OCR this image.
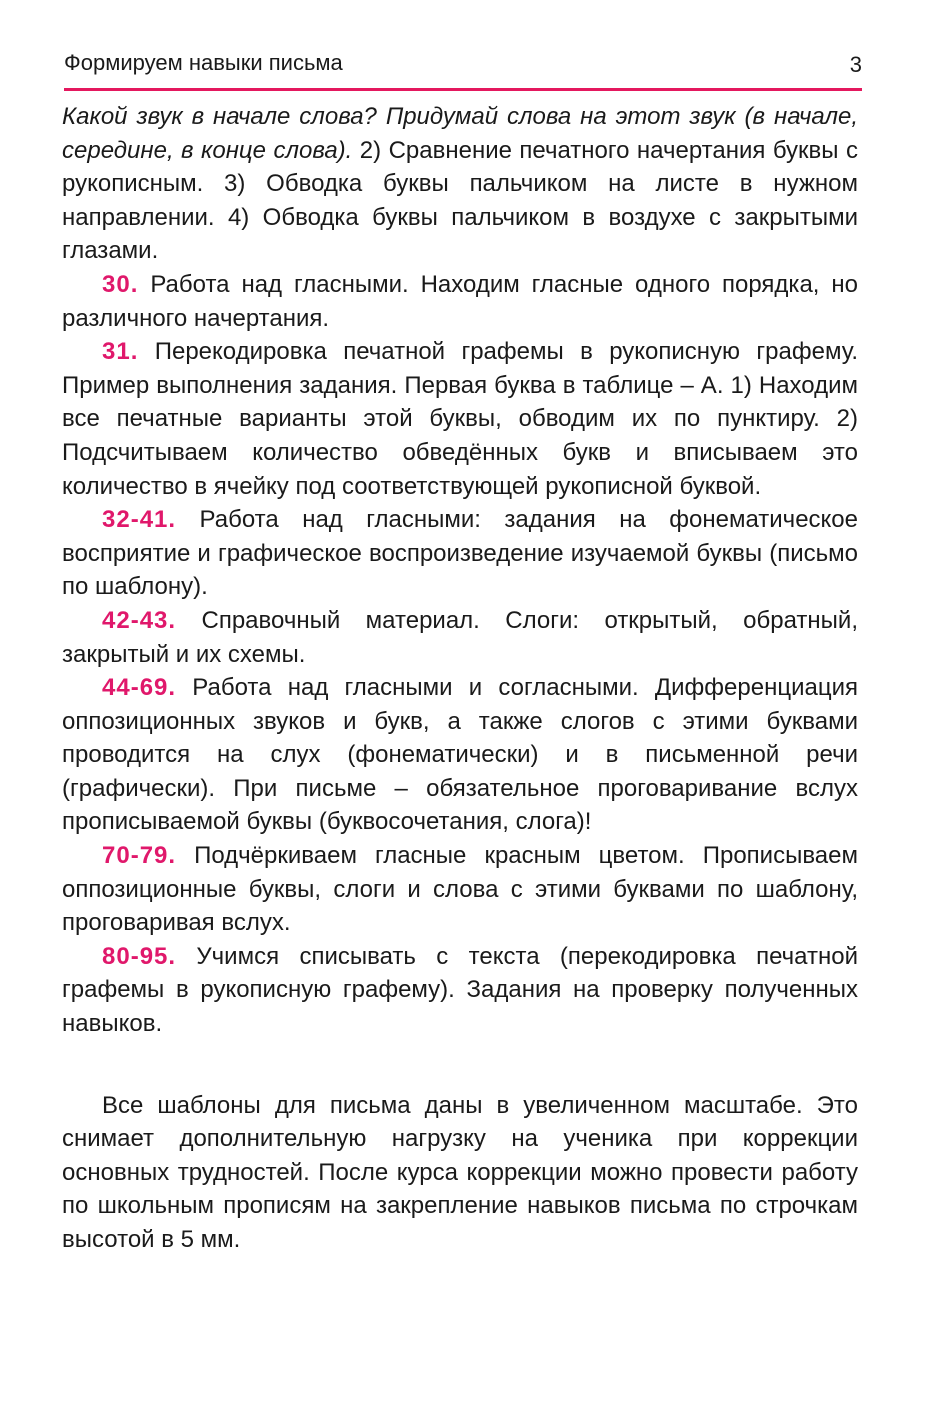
Формируем навыки письма	3

Какой звук в начале слова? Придумай слова на этот звук (в начале, середине, в конце слова). 2) Сравнение печатного начертания буквы с рукописным. 3) Обводка буквы пальчиком на листе в нужном направлении. 4) Обводка буквы пальчиком в воздухе с закрытыми глазами.

30. Работа над гласными. Находим гласные одного порядка, но различного начертания.

31. Перекодировка печатной графемы в рукописную графему. Пример выполнения задания. Первая буква в таблице – А. 1) Находим все печатные варианты этой буквы, обводим их по пунктиру. 2) Подсчитываем количество обведённых букв и вписываем это количество в ячейку под соответствующей рукописной буквой.

32-41. Работа над гласными: задания на фонематическое восприятие и графическое воспроизведение изучаемой буквы (письмо по шаблону).

42-43. Справочный материал. Слоги: открытый, обратный, закрытый и их схемы.

44-69. Работа над гласными и согласными. Дифференциация оппозиционных звуков и букв, а также слогов с этими буквами проводится на слух (фонематически) и в письменной речи (графически). При письме – обязательное проговаривание вслух прописываемой буквы (буквосочетания, слога)!

70-79. Подчёркиваем гласные красным цветом. Прописываем оппозиционные буквы, слоги и слова с этими буквами по шаблону, проговаривая вслух.

80-95. Учимся списывать с текста (перекодировка печатной графемы в рукописную графему). Задания на проверку полученных навыков.

Все шаблоны для письма даны в увеличенном масштабе. Это снимает дополнительную нагрузку на ученика при коррекции основных трудностей. После курса коррекции можно провести работу по школьным прописям на закрепление навыков письма по строчкам высотой в 5 мм.
